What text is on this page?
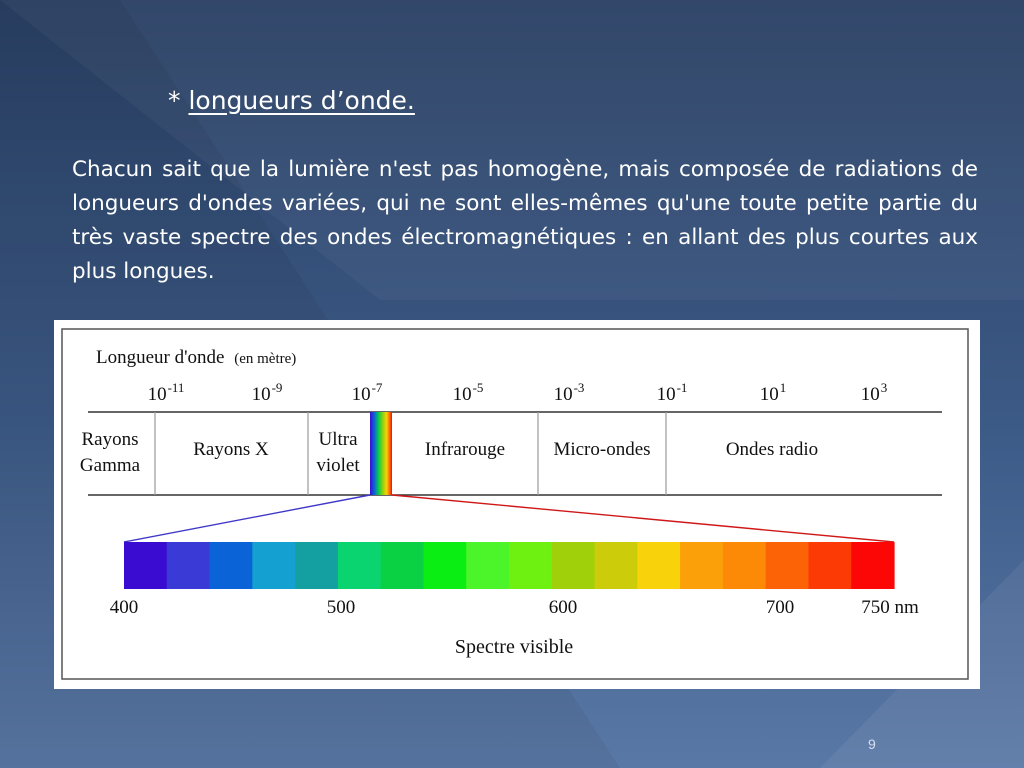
* longueurs d’onde.
Chacun sait que la lumière n'est pas homogène, mais composée de radiations de longueurs d'ondes variées, qui ne sont elles-mêmes qu'une toute petite partie du très vaste spectre des ondes électromagnétiques : en allant des plus courtes aux plus longues.
Longueur d'onde (en mètre)
$10^{-11}$	$10^{-9}$	$10^{-7}$	$10^{-5}$	$10^{-3}$	$10^{-1}$	$10^1$	$10^3$
Rayons
Gamma
Rayons X	Ultra
violet
Infrarouge	Micro-ondes	Ondes radio
400	500	600	700	750 nm
Spectre visible
9
